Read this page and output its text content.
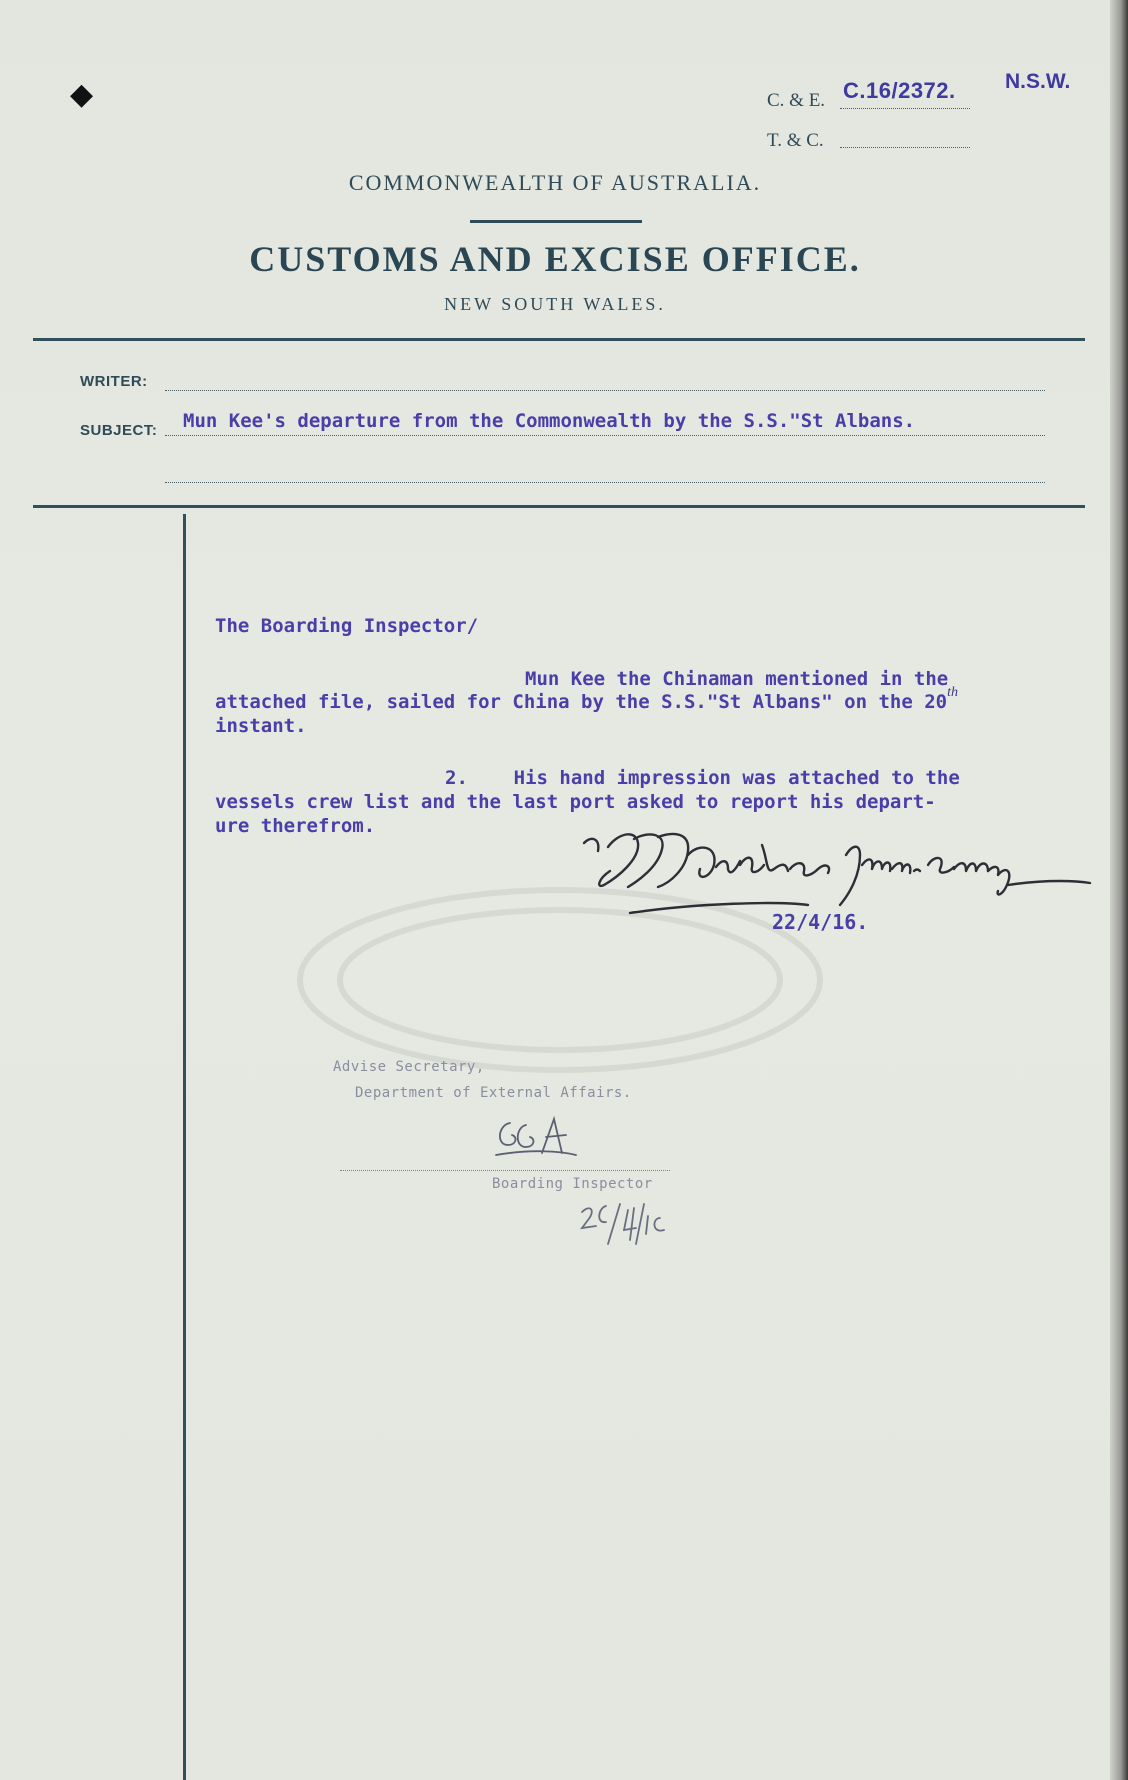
◆	C. & E. C.16/2372. N.S.W.
T. & C.
COMMONWEALTH OF AUSTRALIA.
CUSTOMS AND EXCISE OFFICE.
NEW SOUTH WALES.
WRITER:
SUBJECT: Mun Kee's departure from the Commonwealth by the S.S."St Albans.
The Boarding Inspector/
Mun Kee the Chinaman mentioned in the
attached file, sailed for China by the S.S."St Albans" on the 20th
instant.
2.    His hand impression was attached to the
vessels crew list and the last port asked to report his depart-
ure therefrom.
22/4/16.
Advise Secretary,
Department of External Affairs.
Boarding Inspector
